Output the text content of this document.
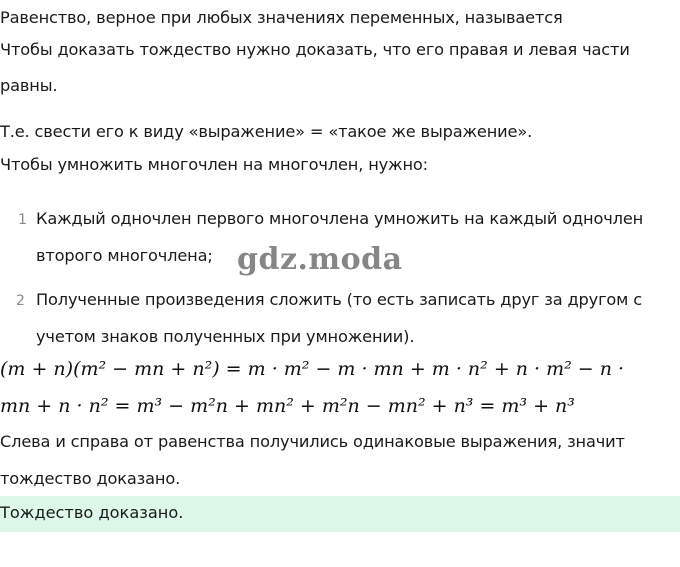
Равенство, верное при любых значениях переменных, называется
Чтобы доказать тождество нужно доказать, что его правая и левая части
равны.
Т.е. свести его к виду «выражение» = «такое же выражение».
Чтобы умножить многочлен на многочлен, нужно:
1 Каждый одночлен первого многочлена умножить на каждый одночлен
второго многочлена; gdz.moda
2 Полученные произведения сложить (то есть записать друг за другом с
учетом знаков полученных при умножении).
(m + n)(m² − mn + n²) = m · m² − m · mn + m · n² + n · m² − n ·
mn + n · n² = m³ − m²n + mn² + m²n − mn² + n³ = m³ + n³
Слева и справа от равенства получились одинаковые выражения, значит
тождество доказано.
Тождество доказано.
